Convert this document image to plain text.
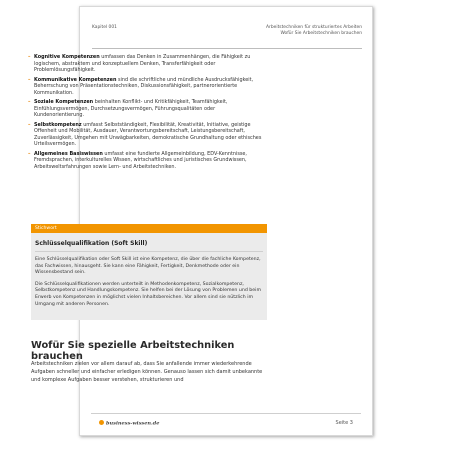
Kapitel 001	Arbeitstechniken für strukturiertes Arbeiten
Wofür Sie Arbeitstechniken brauchen
– Kognitive Kompetenzen umfassen das Denken in Zusammenhängen, die Fähigkeit zu logischem, abstraktem und konzeptuellem Denken, Transferfähigkeit oder Problemlösungsfähigkeit.
– Kommunikative Kompetenzen sind die schriftliche und mündliche Ausdrucksfähigkeit, Beherrschung von Präsentationstechniken, Diskussionsfähigkeit, partnerorientierte Kommunikation.
– Soziale Kompetenzen beinhalten Konflikt- und Kritikfähigkeit, Teamfähigkeit, Einfühlungsvermögen, Durchsetzungsvermögen, Führungsqualitäten oder Kundenorientierung.
– Selbstkompetenz umfasst Selbstständigkeit, Flexibilität, Kreativität, Initiative, geistige Offenheit und Mobilität, Ausdauer, Verantwortungsbereitschaft, Leistungsbereitschaft, Zuverlässigkeit, Umgehen mit Unwägbarkeiten, demokratische Grundhaltung oder ethisches Urteilsvermögen.
– Allgemeines Basiswissen umfasst eine fundierte Allgemeinbildung, EDV-Kenntnisse, Fremdsprachen, interkulturelles Wissen, wirtschaftliches und juristisches Grundwissen, Arbeitsweltsrfahrungen sowie Lern- und Arbeitstechniken.
Stichwort
Schlüsselqualifikation (Soft Skill)

Eine Schlüsselqualifikation oder Soft Skill ist eine Kompetenz, die über die fachliche Kompetenz, das Fachwissen, hinausgeht. Sie kann eine Fähigkeit, Fertigkeit, Denkmethode oder ein Wissensbestand sein.

Die Schlüsselqualifikationen werden unterteilt in Methodenkompetenz, Sozialkompetenz, Selbstkompetenz und Handlungskompetenz. Sie helfen bei der Lösung von Problemen und beim Erwerb von Kompetenzen in möglichst vielen Inhaltsbereichen. Vor allem sind sie nützlich im Umgang mit anderen Personen.

Wofür Sie spezielle Arbeitstechniken brauchen

Arbeitstechniken zielen vor allem darauf ab, dass Sie anfallende immer wiederkehrende Aufgaben schneller und einfacher erledigen können. Genauso lassen sich damit unbekannte und komplexe Aufgaben besser verstehen, strukturieren und

business-wissen.de	Seite 3
